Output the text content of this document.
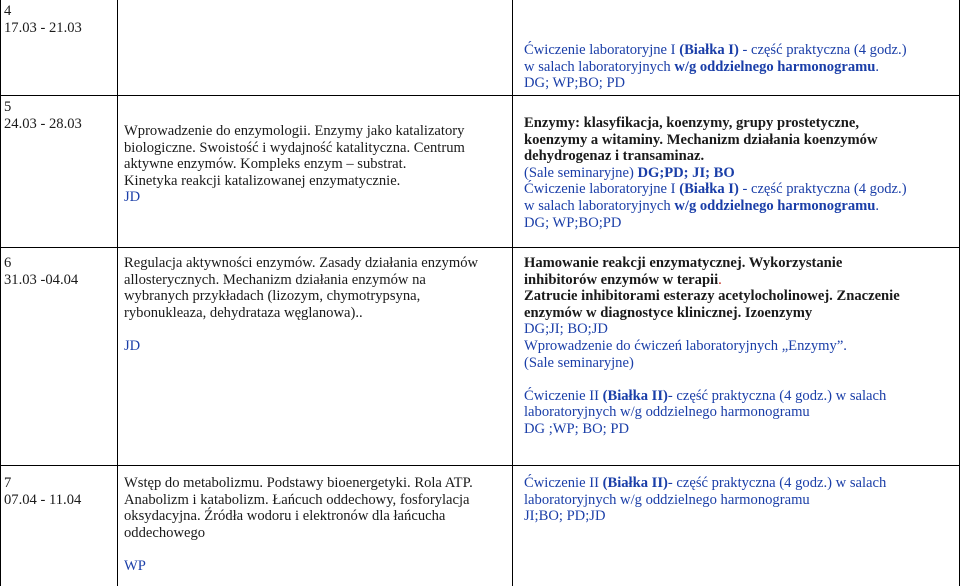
4
17.03 - 21.03
Ćwiczenie laboratoryjne I (Białka I) - część praktyczna (4 godz.)
w salach laboratoryjnych w/g oddzielnego harmonogramu.
DG; WP;BO; PD
5
24.03 - 28.03	Wprowadzenie do enzymologii. Enzymy jako katalizatory
biologiczne. Swoistość i wydajność katalityczna. Centrum
aktywne enzymów. Kompleks enzym – substrat.
Kinetyka reakcji katalizowanej enzymatycznie.
JD
Enzymy: klasyfikacja, koenzymy, grupy prostetyczne,
koenzymy a witaminy. Mechanizm działania koenzymów
dehydrogenaz i transaminaz.
(Sale seminaryjne) DG;PD; JI; BO
Ćwiczenie laboratoryjne I (Białka I) - część praktyczna (4 godz.)
w salach laboratoryjnych w/g oddzielnego harmonogramu.
DG; WP;BO;PD
6
31.03 -04.04
Regulacja aktywności enzymów. Zasady działania enzymów
allosterycznych. Mechanizm działania enzymów na
wybranych przykładach (lizozym, chymotrypsyna,
rybonukleaza, dehydrataza węglanowa)..
JD
Hamowanie reakcji enzymatycznej. Wykorzystanie
inhibitorów enzymów w terapii.
Zatrucie inhibitorami esterazy acetylocholinowej. Znaczenie
enzymów w diagnostyce klinicznej. Izoenzymy
DG;JI; BO;JD
Wprowadzenie do ćwiczeń laboratoryjnych „Enzymy”.
(Sale seminaryjne)
Ćwiczenie II (Białka II)- część praktyczna (4 godz.) w salach
laboratoryjnych w/g oddzielnego harmonogramu
DG ;WP; BO; PD
7
07.04 - 11.04
Wstęp do metabolizmu. Podstawy bioenergetyki. Rola ATP.
Anabolizm i katabolizm. Łańcuch oddechowy, fosforylacja
oksydacyjna. Źródła wodoru i elektronów dla łańcucha
oddechowego
WP
Ćwiczenie II (Białka II)- część praktyczna (4 godz.) w salach
laboratoryjnych w/g oddzielnego harmonogramu
JI;BO; PD;JD
